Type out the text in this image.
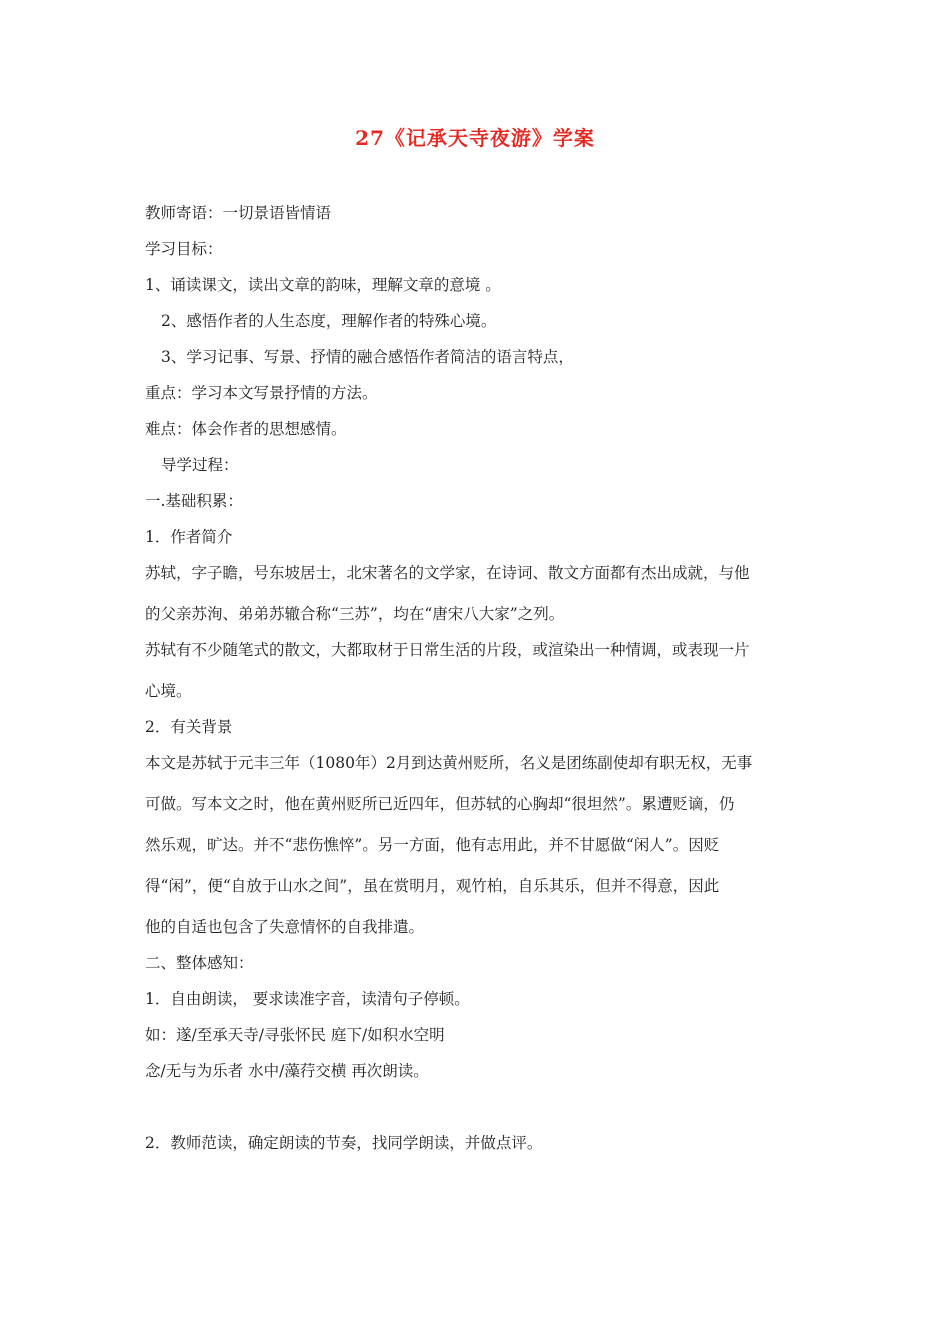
27《记承天寺夜游》学案
教师寄语：一切景语皆情语
学习目标：
1、诵读课文，读出文章的韵味，理解文章的意境 。
2、感悟作者的人生态度，理解作者的特殊心境。
3、学习记事、写景、抒情的融合感悟作者简洁的语言特点，
重点：学习本文写景抒情的方法。
难点：体会作者的思想感情。
导学过程：
一.基础积累：
1．作者简介
苏轼，字子瞻，号东坡居士，北宋著名的文学家，在诗词、散文方面都有杰出成就，与他
的父亲苏洵、弟弟苏辙合称“三苏”，均在“唐宋八大家”之列。
苏轼有不少随笔式的散文，大都取材于日常生活的片段，或渲染出一种情调，或表现一片
心境。
2．有关背景
本文是苏轼于元丰三年（1080年）2月到达黄州贬所，名义是团练副使却有职无权，无事
可做。写本文之时，他在黄州贬所已近四年，但苏轼的心胸却“很坦然”。累遭贬谪，仍
然乐观，旷达。并不“悲伤憔悴”。另一方面，他有志用此，并不甘愿做“闲人”。因贬
得“闲”，便“自放于山水之间”，虽在赏明月，观竹柏，自乐其乐，但并不得意，因此
他的自适也包含了失意情怀的自我排遣。
二、整体感知：
1．自由朗读， 要求读准字音，读清句子停顿。
如：遂/至承天寺/寻张怀民 庭下/如积水空明
念/无与为乐者 水中/藻荇交横 再次朗读。
2．教师范读，确定朗读的节奏，找同学朗读，并做点评。
